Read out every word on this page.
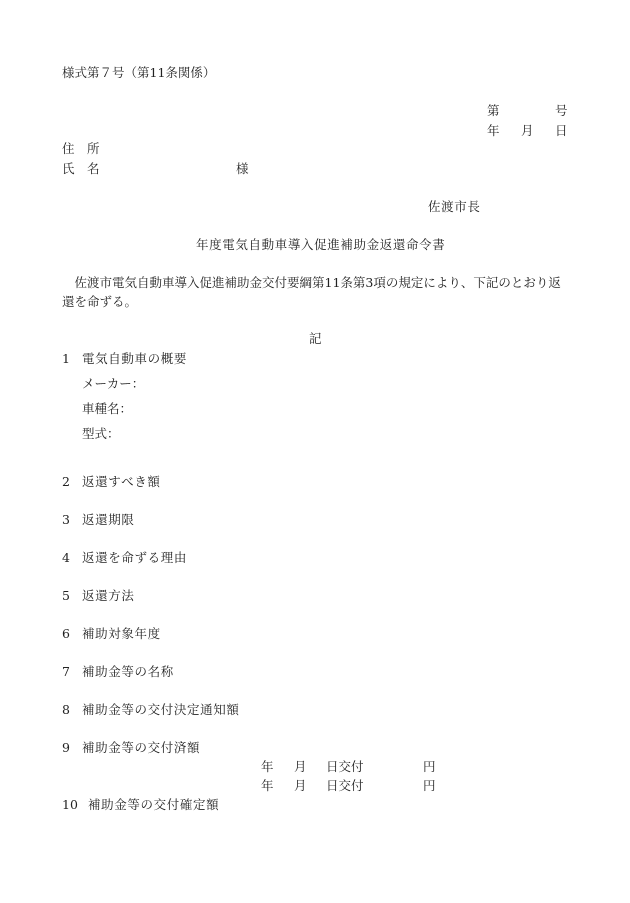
様式第７号（第11条関係）
第	号
年 月 日
住　所
氏　名	様
佐渡市長
年度電気自動車導入促進補助金返還命令書
　佐渡市電気自動車導入促進補助金交付要綱第11条第3項の規定により、下記のとおり返還を命ずる。
記
1 電気自動車の概要
メーカー：
車種名：
型式：
2 返還すべき額
3 返還期限
4 返還を命ずる理由
5 返還方法
6 補助対象年度
7 補助金等の名称
8 補助金等の交付決定通知額
9 補助金等の交付済額
年 月 日交付	円
年 月 日交付	円
10 補助金等の交付確定額
